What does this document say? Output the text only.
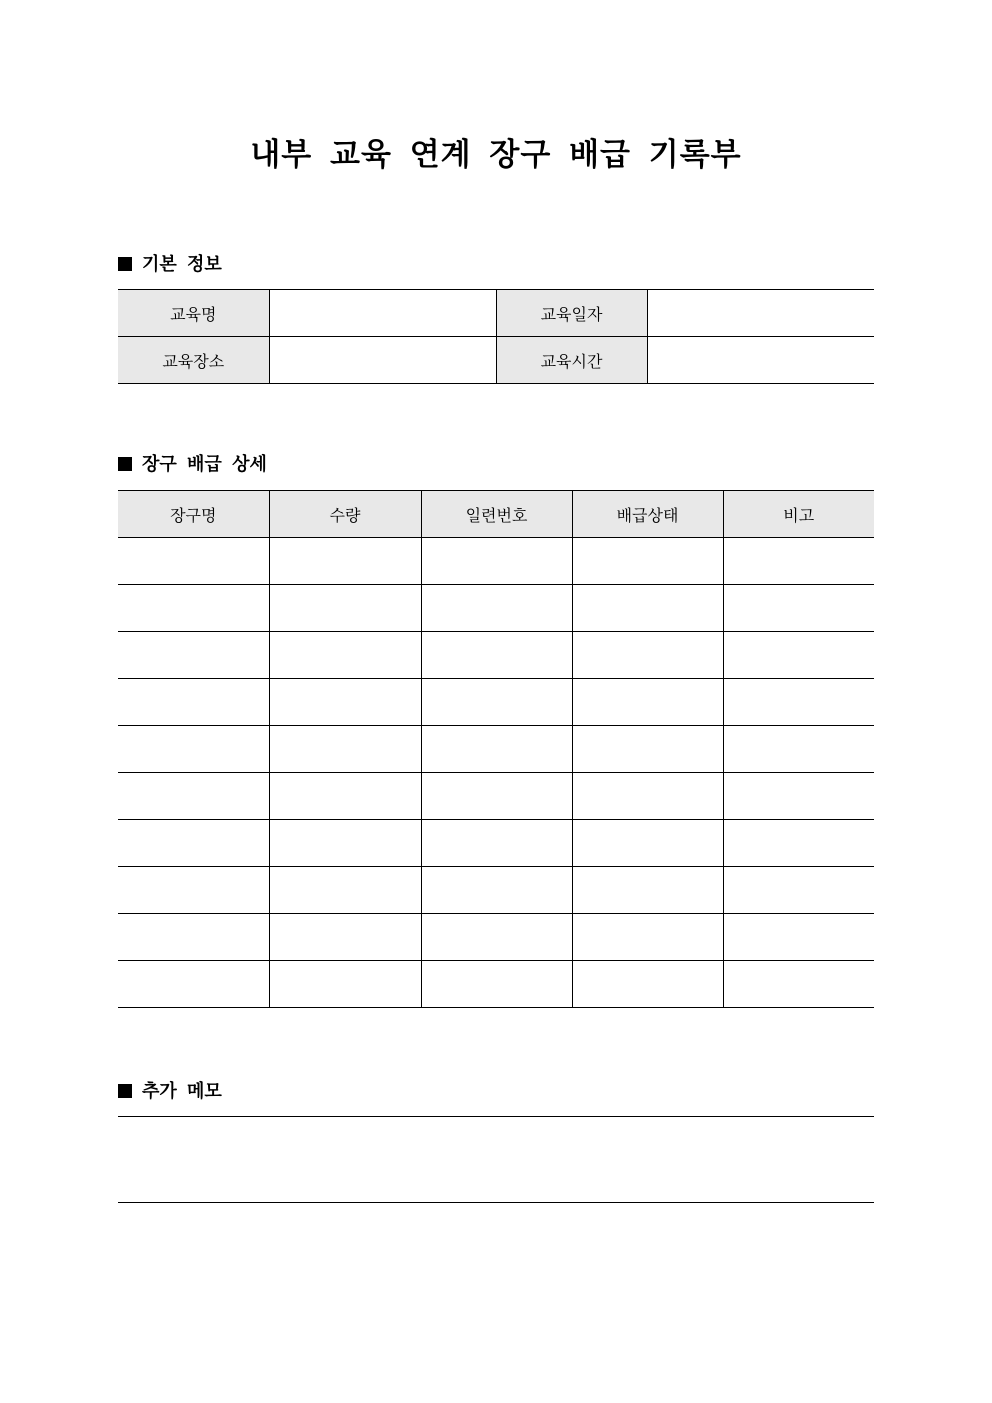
내부 교육 연계 장구 배급 기록부
기본 정보
교육명		교육일자	
교육장소		교육시간	
장구 배급 상세
장구명	수량	일련번호	배급상태	비고

추가 메모
